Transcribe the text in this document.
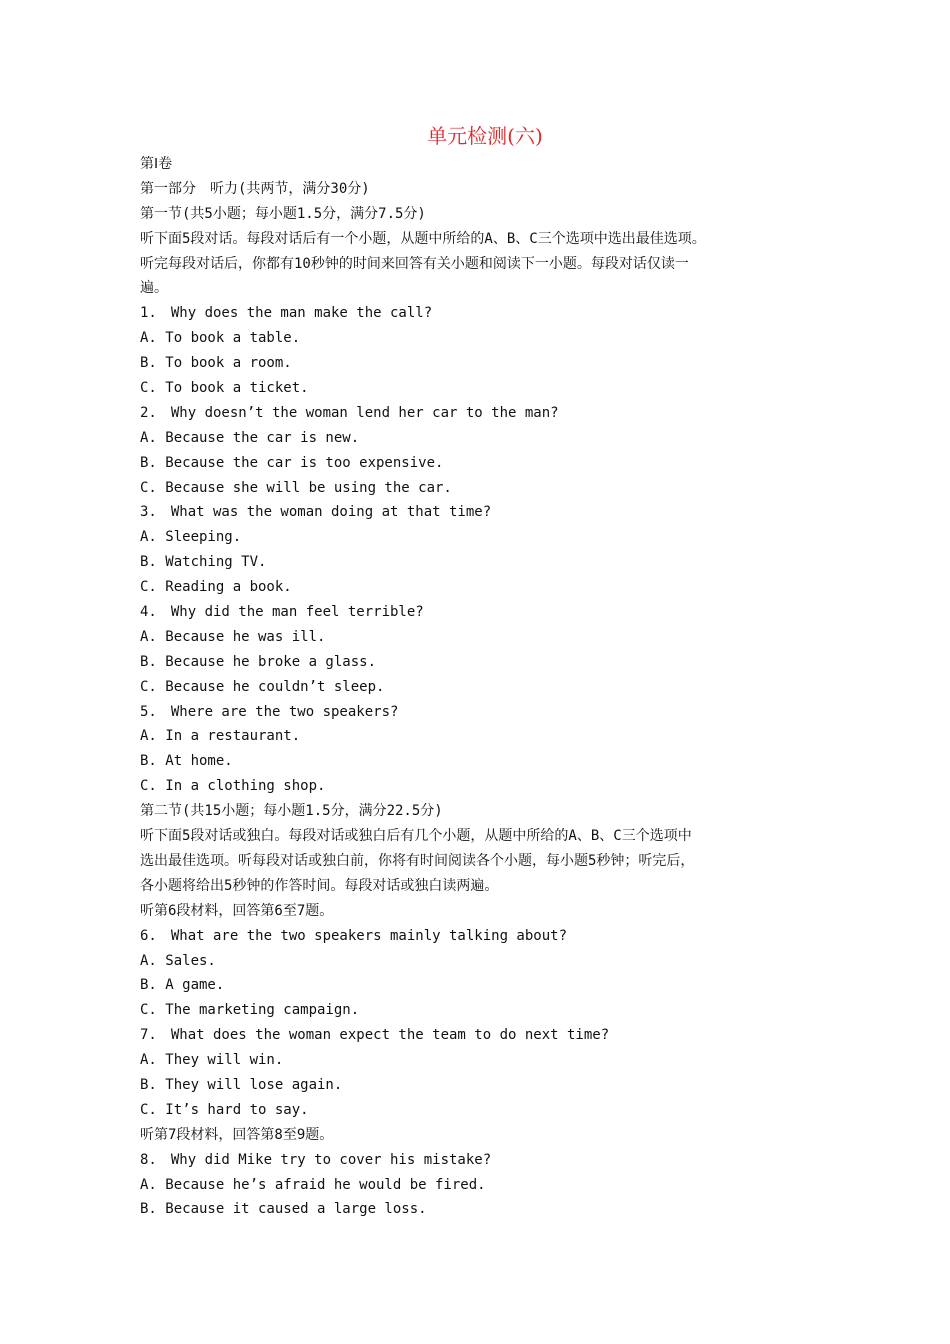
单元检测(六)

第Ⅰ卷

第一部分　听力(共两节，满分30分)

第一节(共5小题；每小题1.5分，满分7.5分)

听下面5段对话。每段对话后有一个小题，从题中所给的A、B、C三个选项中选出最佳选项。

听完每段对话后，你都有10秒钟的时间来回答有关小题和阅读下一小题。每段对话仅读一

遍。

1.　Why does the man make the call?

A. To book a table.

B. To book a room.

C. To book a ticket.

2.　Why doesn’t the woman lend her car to the man?

A. Because the car is new.

B. Because the car is too expensive.

C. Because she will be using the car.

3.　What was the woman doing at that time?

A. Sleeping.

B. Watching TV.

C. Reading a book.

4.　Why did the man feel terrible?

A. Because he was ill.

B. Because he broke a glass.

C. Because he couldn’t sleep.

5.　Where are the two speakers?

A. In a restaurant.

B. At home.

C. In a clothing shop.

第二节(共15小题；每小题1.5分，满分22.5分)

听下面5段对话或独白。每段对话或独白后有几个小题，从题中所给的A、B、C三个选项中

选出最佳选项。听每段对话或独白前，你将有时间阅读各个小题，每小题5秒钟；听完后，

各小题将给出5秒钟的作答时间。每段对话或独白读两遍。

听第6段材料，回答第6至7题。

6.　What are the two speakers mainly talking about?

A. Sales.

B. A game.

C. The marketing campaign.

7.　What does the woman expect the team to do next time?

A. They will win.

B. They will lose again.

C. It’s hard to say.

听第7段材料，回答第8至9题。

8.　Why did Mike try to cover his mistake?

A. Because he’s afraid he would be fired.

B. Because it caused a large loss.
